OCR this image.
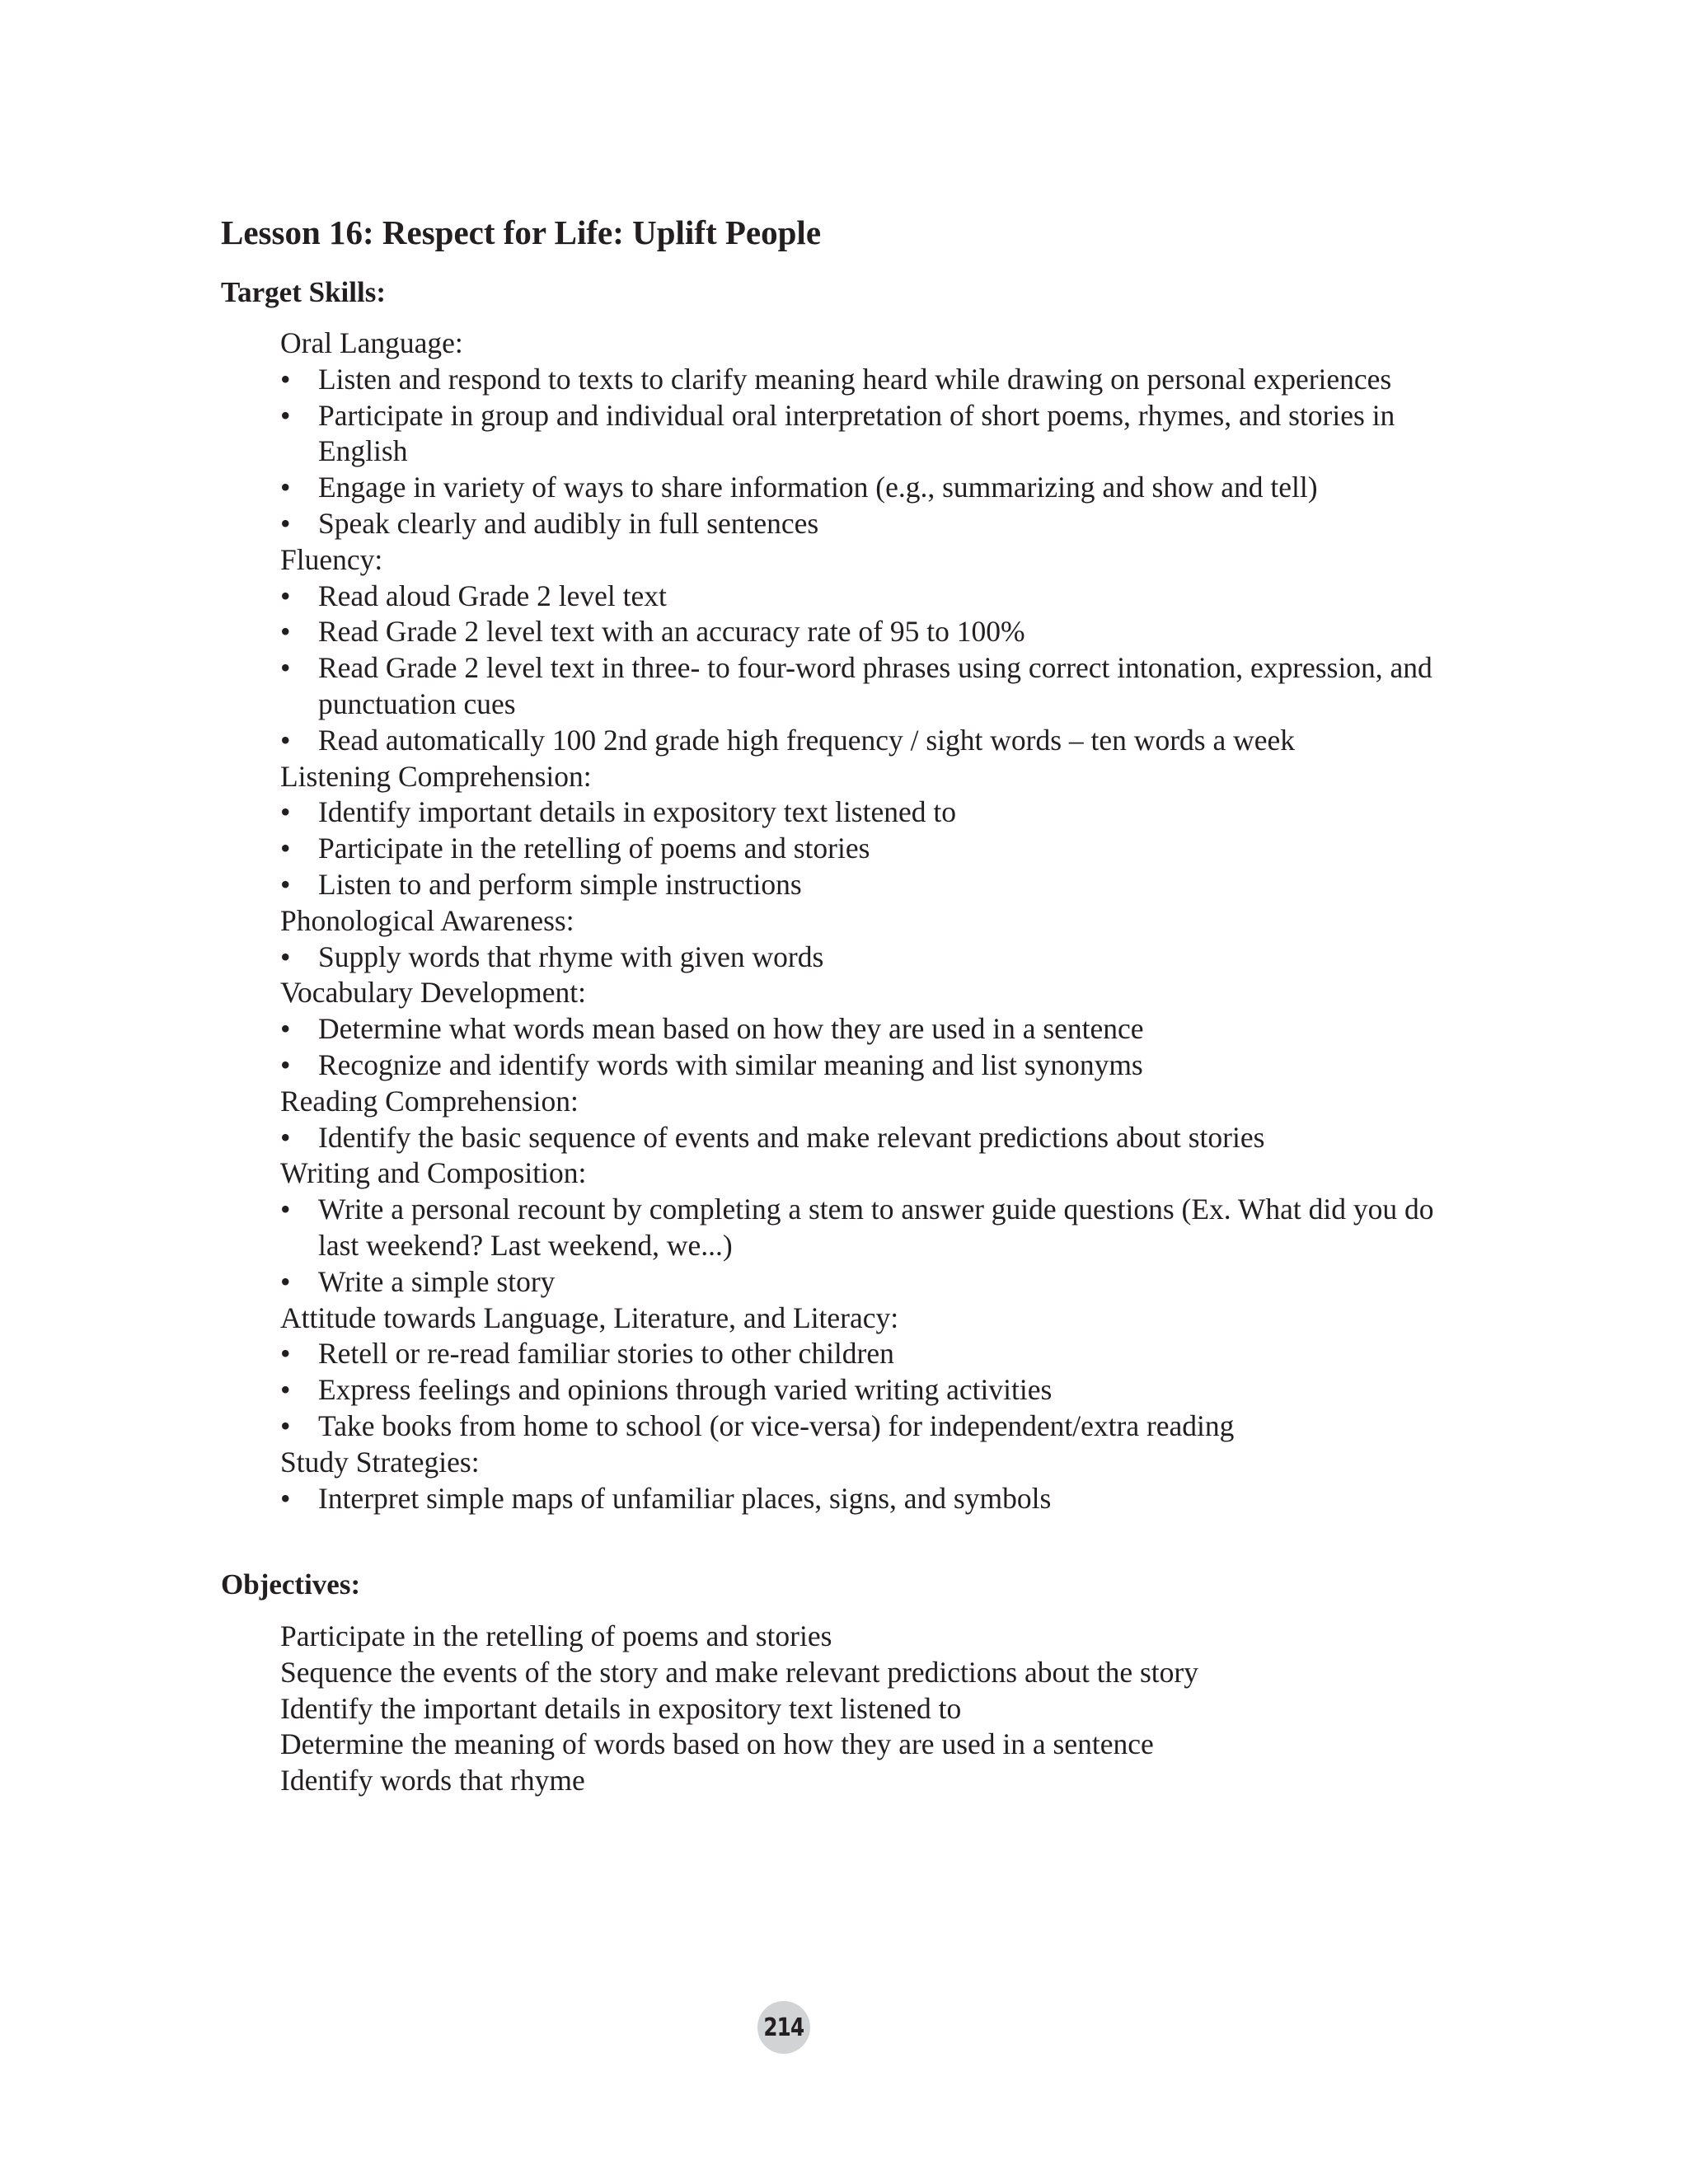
Lesson 16: Respect for Life: Uplift People
Target Skills:
Oral Language:
• Listen and respond to texts to clarify meaning heard while drawing on personal experiences
• Participate in group and individual oral interpretation of short poems, rhymes, and stories in English
• Engage in variety of ways to share information (e.g., summarizing and show and tell)
• Speak clearly and audibly in full sentences
Fluency:
• Read aloud Grade 2 level text
• Read Grade 2 level text with an accuracy rate of 95 to 100%
• Read Grade 2 level text in three- to four-word phrases using correct intonation, expression, and punctuation cues
• Read automatically 100 2nd grade high frequency / sight words – ten words a week
Listening Comprehension:
• Identify important details in expository text listened to
• Participate in the retelling of poems and stories
• Listen to and perform simple instructions
Phonological Awareness:
• Supply words that rhyme with given words
Vocabulary Development:
• Determine what words mean based on how they are used in a sentence
• Recognize and identify words with similar meaning and list synonyms
Reading Comprehension:
• Identify the basic sequence of events and make relevant predictions about stories
Writing and Composition:
• Write a personal recount by completing a stem to answer guide questions (Ex. What did you do last weekend? Last weekend, we...)
• Write a simple story
Attitude towards Language, Literature, and Literacy:
• Retell or re-read familiar stories to other children
• Express feelings and opinions through varied writing activities
• Take books from home to school (or vice-versa) for independent/extra reading
Study Strategies:
• Interpret simple maps of unfamiliar places, signs, and symbols
Objectives:
Participate in the retelling of poems and stories
Sequence the events of the story and make relevant predictions about the story
Identify the important details in expository text listened to
Determine the meaning of words based on how they are used in a sentence
Identify words that rhyme
214
